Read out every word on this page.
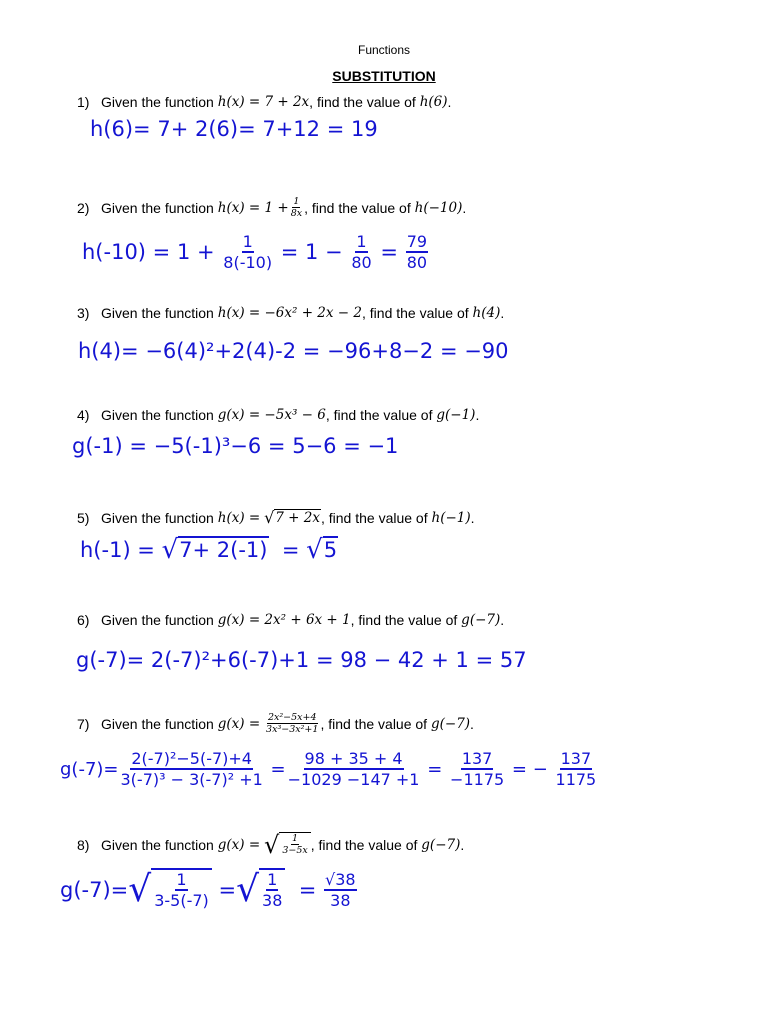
Functions
SUBSTITUTION
1) Given the function
h(x) = 7 + 2x , find the value of
h(6) .
h(6)= 7+ 2(6)= 7+12 = 19
2) Given the function
$h(x) = 1 + \frac{1}{8x}$ , find the value of
h(−10) .
h(-10) = 1 +
$\frac{1}{8(-10)}$
= 1 −
$\frac{1}{80}$
=
$\frac{79}{80}$
3) Given the function
h(x) = −6x² + 2x − 2 , find the value of
h(4) .
h(4)= −6(4)²+2(4)-2 = −96+8−2 = −90
4) Given the function
g(x) = −5x³ − 6 , find the value of
g(−1) .
g(-1) = −5(-1)³−6 = 5−6 = −1
5) Given the function
h(x) =
√ 7 + 2x , find the value of
h(−1) .
h(-1) =
√ 7+ 2(-1)
=
√ 5
6) Given the function
g(x) = 2x² + 6x + 1 , find the value of
g(−7) .
g(-7)= 2(-7)²+6(-7)+1 = 98 − 42 + 1 = 57
7) Given the function
g(x) =
$\frac{\text{2x²−5x+4}}{\text{3x³−3x²+1}}$ , find the value of
g(−7) .
$g(-7)= \frac{\text{2(-7)²−5(-7)+4}}{\text{3(-7)³ − 3(-7)² +1}}$
= $\frac{98 + 35 + 4}{-1029 -147 +1}$
=
$\frac{137}{-1175}$
= −
$\frac{137}{1175}$
8) Given the function
g(x) =
√ $\frac{1}{3-5x}$ , find the value of
g(−7) .
g(-7)= √ $\frac{1}{3-5(-7)}$
= √ $\frac{1}{38}$
=
$\frac{√38}{38}$
